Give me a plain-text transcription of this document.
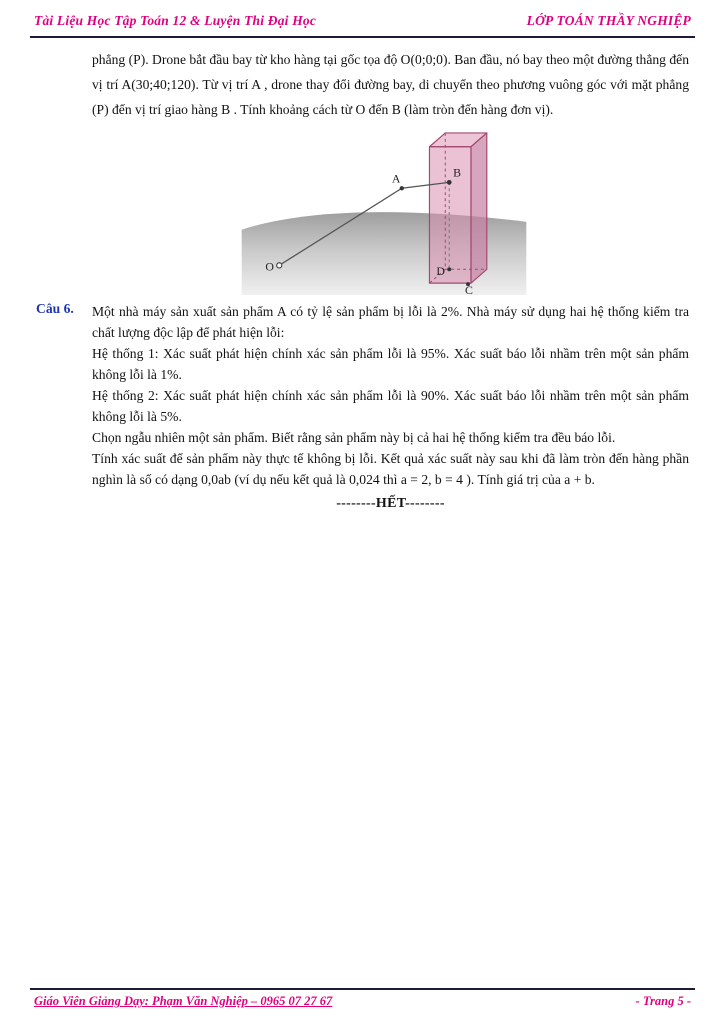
Tài Liệu Học Tập Toán 12 & Luyện Thi Đại Học	LỚP TOÁN THẦY NGHIỆP

phẳng (P). Drone bắt đầu bay từ kho hàng tại gốc tọa độ O(0;0;0). Ban đầu, nó bay theo một đường thẳng đến vị trí A(30;40;120). Từ vị trí A , drone thay đổi đường bay, di chuyển theo phương vuông góc với mặt phẳng (P) đến vị trí giao hàng B . Tính khoảng cách từ O đến B (làm tròn đến hàng đơn vị).

A	B
O	D
C
Câu 6. Một nhà máy sản xuất sản phẩm A có tỷ lệ sản phẩm bị lỗi là 2%. Nhà máy sử dụng hai hệ thống kiểm tra chất lượng độc lập để phát hiện lỗi:

Hệ thống 1: Xác suất phát hiện chính xác sản phẩm lỗi là 95%. Xác suất báo lỗi nhầm trên một sản phẩm không lỗi là 1%.

Hệ thống 2: Xác suất phát hiện chính xác sản phẩm lỗi là 90%. Xác suất báo lỗi nhầm trên một sản phẩm không lỗi là 5%.

Chọn ngẫu nhiên một sản phẩm. Biết rằng sản phẩm này bị cả hai hệ thống kiểm tra đều báo lỗi.

Tính xác suất để sản phẩm này thực tế không bị lỗi. Kết quả xác suất này sau khi đã làm tròn đến hàng phần nghìn là số có dạng 0,0ab (ví dụ nếu kết quả là 0,024 thì a = 2, b = 4 ). Tính giá trị của a + b.

--------HẾT--------
Giáo Viên Giảng Dạy: Phạm Văn Nghiệp – 0965 07 27 67	- Trang 5 -
